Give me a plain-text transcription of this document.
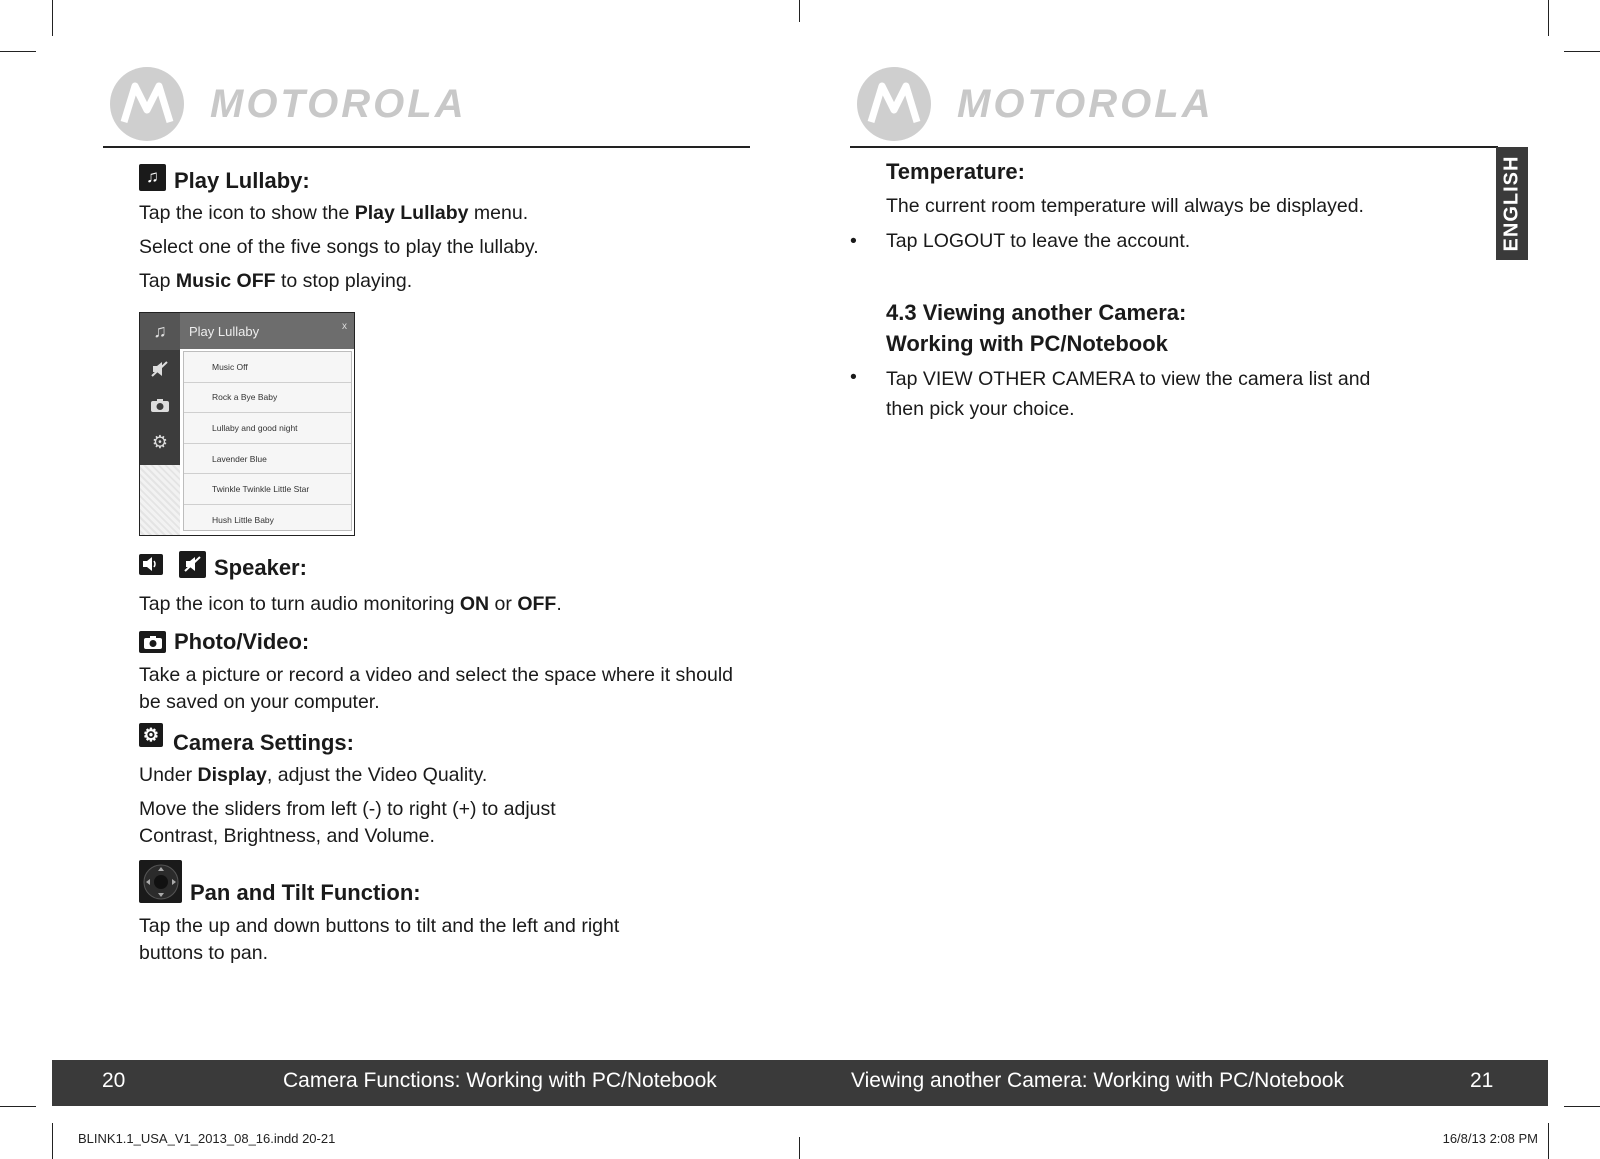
MOTOROLA	MOTOROLA
ENGLISH
♫ Play Lullaby:
Tap the icon to show the Play Lullaby menu.
Select one of the five songs to play the lullaby.
Tap Music OFF to stop playing.
♫
⚙
Play Lullaby	x
Music Off
Rock a Bye Baby
Lullaby and good night
Lavender Blue
Twinkle Twinkle Little Star
Hush Little Baby
Speaker:
Tap the icon to turn audio monitoring ON or OFF.
Photo/Video:
Take a picture or record a video and select the space where it should be saved on your computer.
⚙ Camera Settings:
Under Display, adjust the Video Quality.
Move the sliders from left (-) to right (+) to adjust
Contrast, Brightness, and Volume.
Pan and Tilt Function:
Tap the up and down buttons to tilt and the left and right
buttons to pan.
Temperature:
The current room temperature will always be displayed.
• Tap LOGOUT to leave the account.
4.3 Viewing another Camera:
Working with PC/Notebook
• Tap VIEW OTHER CAMERA to view the camera list and
then pick your choice.
20	Camera Functions: Working with PC/Notebook	Viewing another Camera: Working with PC/Notebook	21
BLINK1.1_USA_V1_2013_08_16.indd 20-21	16/8/13 2:08 PM
